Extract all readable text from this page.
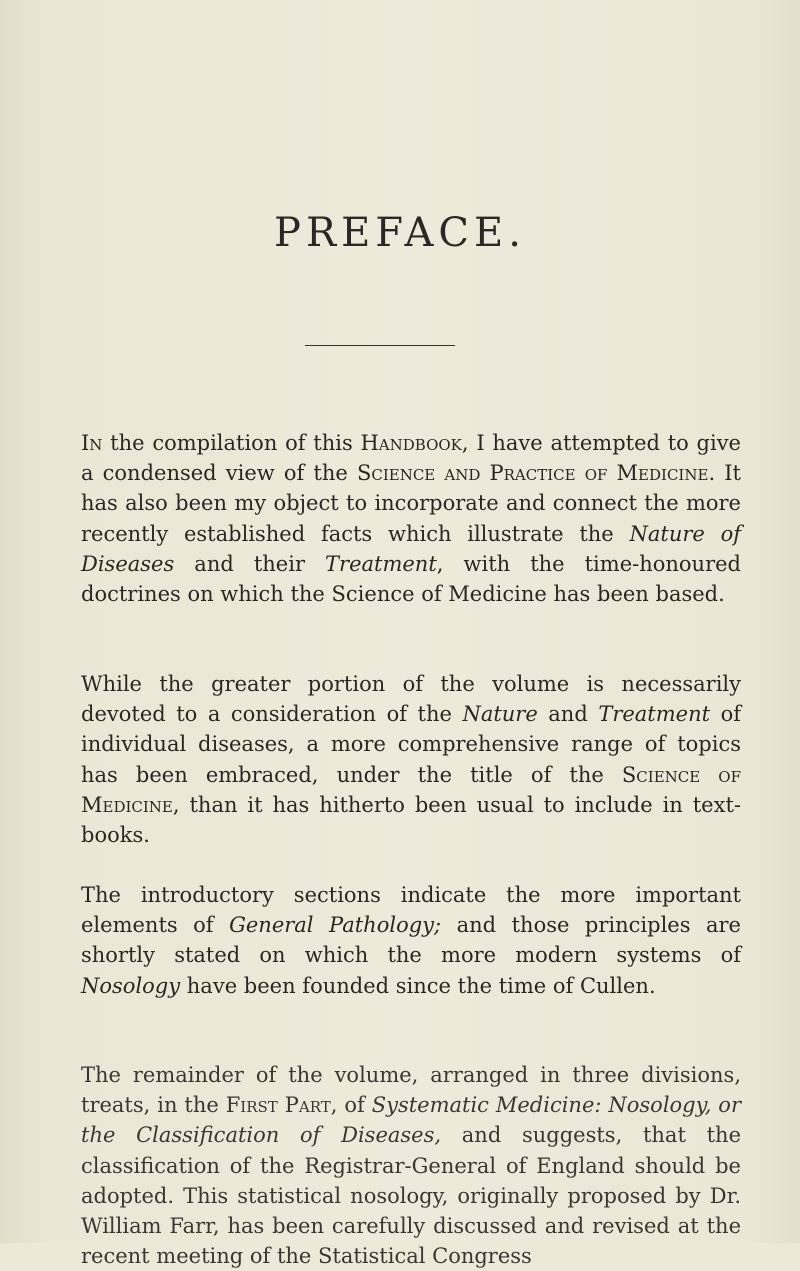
PREFACE.

In the compilation of this Handbook, I have attempted to give a condensed view of the Science and Practice of Medicine. It has also been my object to incorporate and connect the more recently established facts which illustrate the Nature of Diseases and their Treatment, with the time-honoured doctrines on which the Science of Medicine has been based.

While the greater portion of the volume is necessarily devoted to a consideration of the Nature and Treatment of individual diseases, a more comprehensive range of topics has been embraced, under the title of the Science of Medicine, than it has hitherto been usual to include in text-books.

The introductory sections indicate the more important elements of General Pathology; and those principles are shortly stated on which the more modern systems of Nosology have been founded since the time of Cullen.

The remainder of the volume, arranged in three divisions, treats, in the First Part, of Systematic Medicine: Nosology, or the Classification of Diseases, and suggests, that the classification of the Registrar-General of England should be adopted. This statistical nosology, originally proposed by Dr. William Farr, has been carefully discussed and revised at the recent meeting of the Statistical Congress
